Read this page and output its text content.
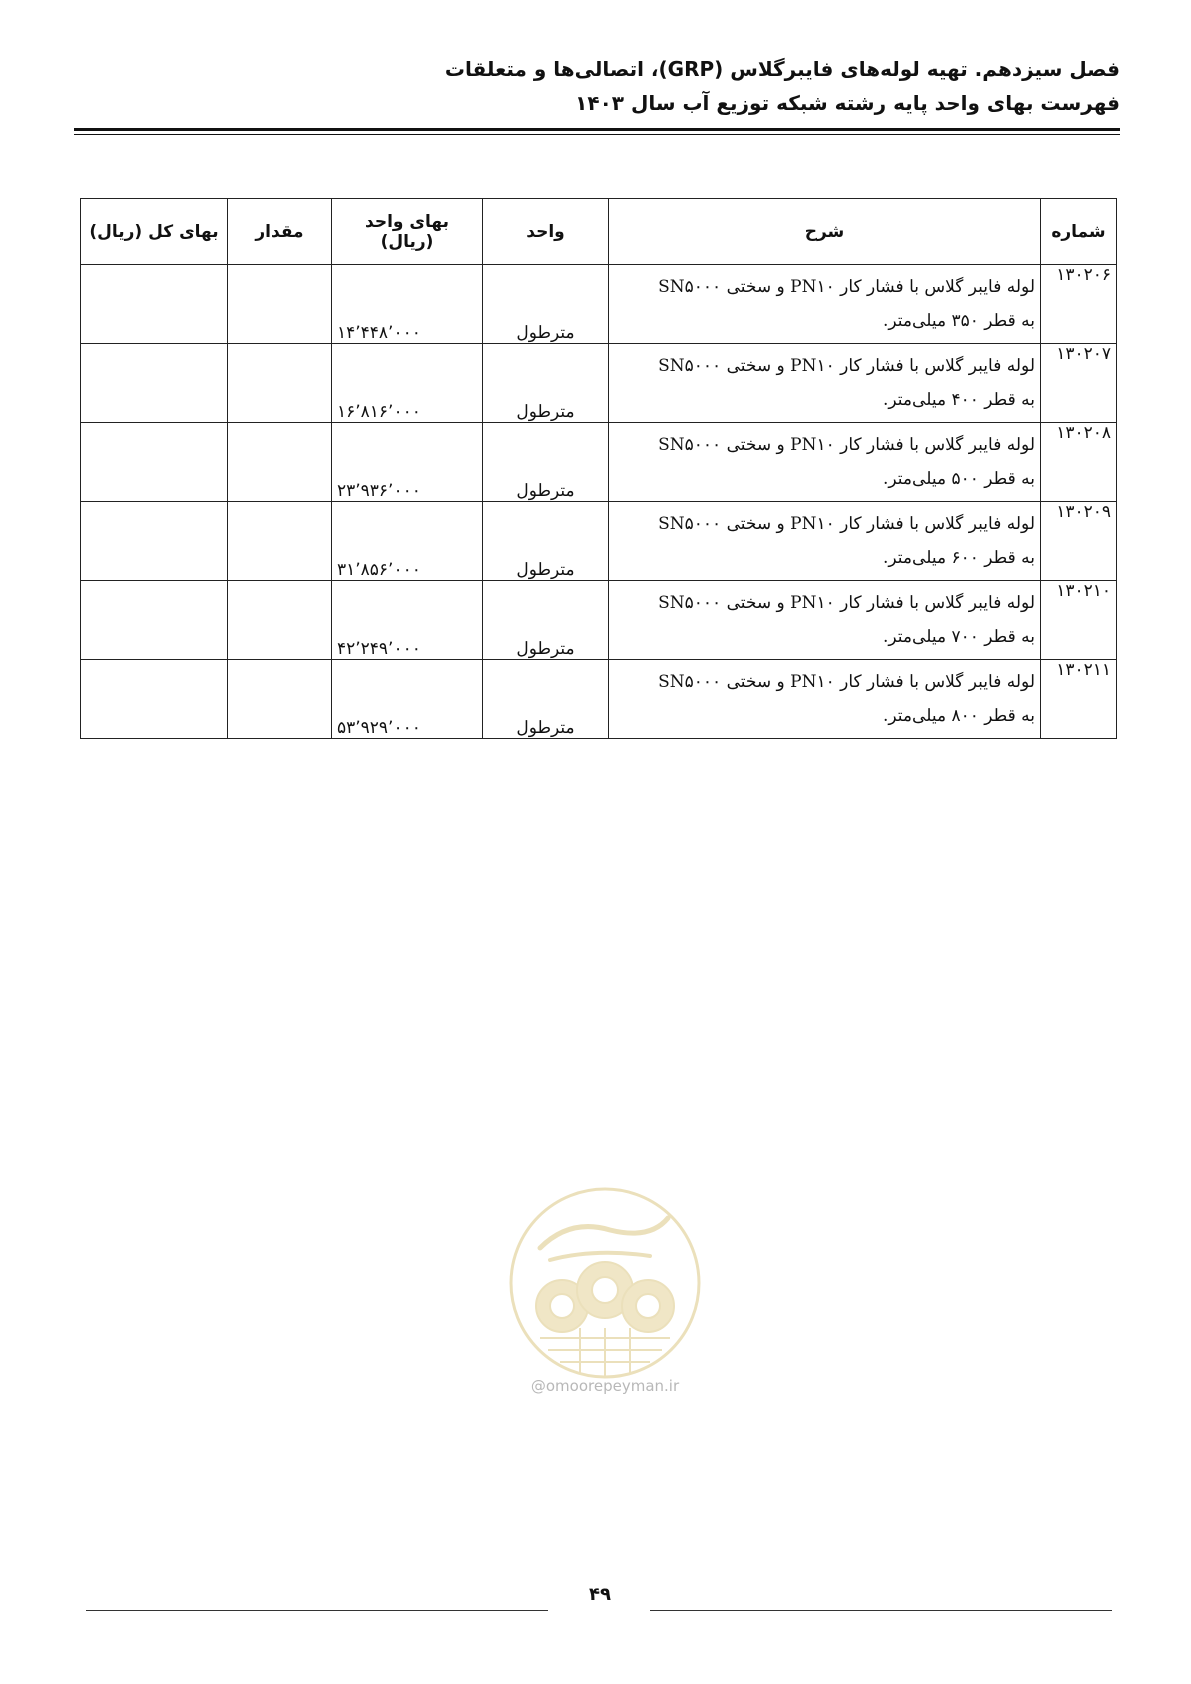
فصل سیزدهم. تهیه لوله‌های فایبرگلاس (GRP)، اتصالی‌ها و متعلقات
فهرست بهای واحد پایه رشته شبکه توزیع آب سال ۱۴۰۳
شماره	شرح	واحد	بهای واحد (ریال)	مقدار	بهای کل (ریال)
۱۳۰۲۰۶	لوله فایبر گلاس با فشار کار PN۱۰ و سختی SN۵۰۰۰
به قطر ۳۵۰ میلی‌متر.	مترطول	۱۴٬۴۴۸٬۰۰۰		
۱۳۰۲۰۷	لوله فایبر گلاس با فشار کار PN۱۰ و سختی SN۵۰۰۰
به قطر ۴۰۰ میلی‌متر.	مترطول	۱۶٬۸۱۶٬۰۰۰		
۱۳۰۲۰۸	لوله فایبر گلاس با فشار کار PN۱۰ و سختی SN۵۰۰۰
به قطر ۵۰۰ میلی‌متر.	مترطول	۲۳٬۹۳۶٬۰۰۰		
۱۳۰۲۰۹	لوله فایبر گلاس با فشار کار PN۱۰ و سختی SN۵۰۰۰
به قطر ۶۰۰ میلی‌متر.	مترطول	۳۱٬۸۵۶٬۰۰۰		
۱۳۰۲۱۰	لوله فایبر گلاس با فشار کار PN۱۰ و سختی SN۵۰۰۰
به قطر ۷۰۰ میلی‌متر.	مترطول	۴۲٬۲۴۹٬۰۰۰		
۱۳۰۲۱۱	لوله فایبر گلاس با فشار کار PN۱۰ و سختی SN۵۰۰۰
به قطر ۸۰۰ میلی‌متر.	مترطول	۵۳٬۹۲۹٬۰۰۰		
@omoorepeyman.ir
۴۹
